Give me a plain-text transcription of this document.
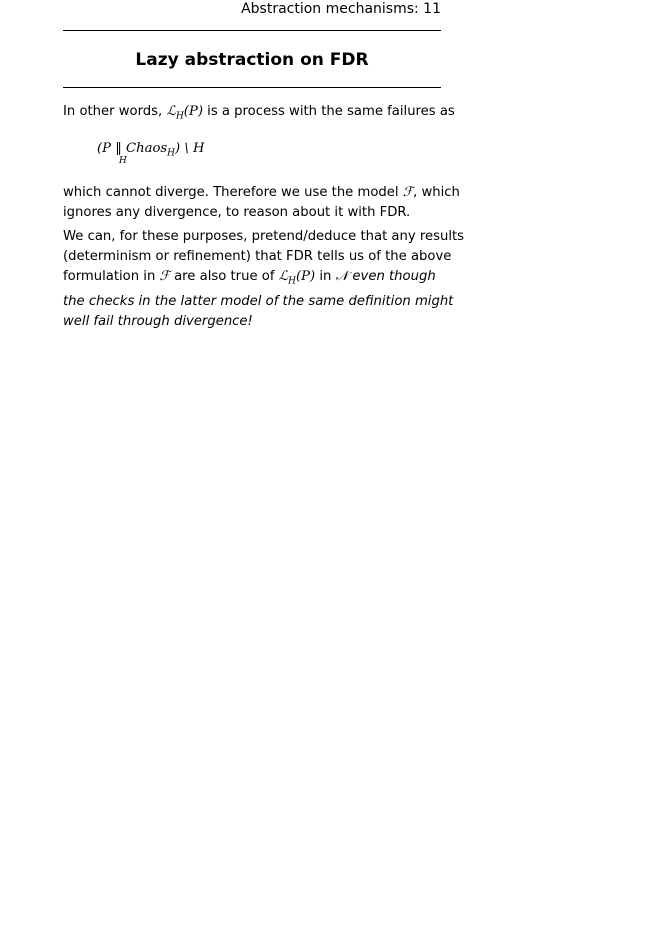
Abstraction mechanisms: 11
Lazy abstraction on FDR
In other words, ℒ$_H$(P) is a process with the same failures as
(P ‖ Chaos$_H$) \ H
H
which cannot diverge. Therefore we use the model ℱ, which
ignores any divergence, to reason about it with FDR.
We can, for these purposes, pretend/deduce that any results
(determinism or refinement) that FDR tells us of the above
formulation in ℱ are also true of ℒ$_H$(P) in 𝒩 even though
the checks in the latter model of the same definition might
well fail through divergence!
